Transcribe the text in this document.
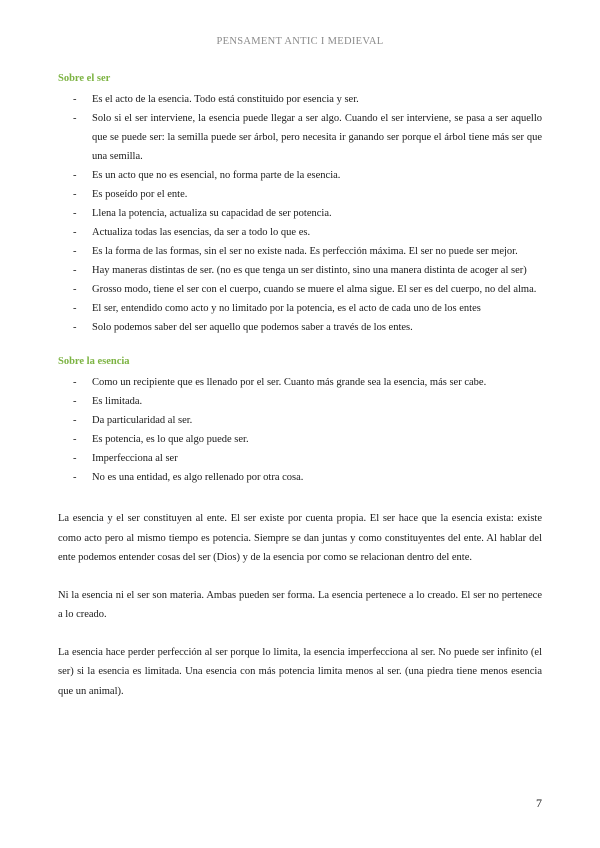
PENSAMENT ANTIC I MEDIEVAL
Sobre el ser
- Es el acto de la esencia. Todo está constituido por esencia y ser.
- Solo si el ser interviene, la esencia puede llegar a ser algo. Cuando el ser interviene, se pasa a ser aquello que se puede ser: la semilla puede ser árbol, pero necesita ir ganando ser porque el árbol tiene más ser que una semilla.
- Es un acto que no es esencial, no forma parte de la esencia.
- Es poseído por el ente.
- Llena la potencia, actualiza su capacidad de ser potencia.
- Actualiza todas las esencias, da ser a todo lo que es.
- Es la forma de las formas, sin el ser no existe nada. Es perfección máxima. El ser no puede ser mejor.
- Hay maneras distintas de ser. (no es que tenga un ser distinto, sino una manera distinta de acoger al ser)
- Grosso modo, tiene el ser con el cuerpo, cuando se muere el alma sigue. El ser es del cuerpo, no del alma.
- El ser, entendido como acto y no limitado por la potencia, es el acto de cada uno de los entes
- Solo podemos saber del ser aquello que podemos saber a través de los entes.
Sobre la esencia
- Como un recipiente que es llenado por el ser. Cuanto más grande sea la esencia, más ser cabe.
- Es limitada.
- Da particularidad al ser.
- Es potencia, es lo que algo puede ser.
- Imperfecciona al ser
- No es una entidad, es algo rellenado por otra cosa.

La esencia y el ser constituyen al ente. El ser existe por cuenta propia. El ser hace que la esencia exista: existe como acto pero al mismo tiempo es potencia. Siempre se dan juntas y como constituyentes del ente. Al hablar del ente podemos entender cosas del ser (Dios) y de la esencia por como se relacionan dentro del ente.

Ni la esencia ni el ser son materia. Ambas pueden ser forma. La esencia pertenece a lo creado. El ser no pertenece a lo creado.

La esencia hace perder perfección al ser porque lo limita, la esencia imperfecciona al ser. No puede ser infinito (el ser) si la esencia es limitada. Una esencia con más potencia limita menos al ser. (una piedra tiene menos esencia que un animal).

7
